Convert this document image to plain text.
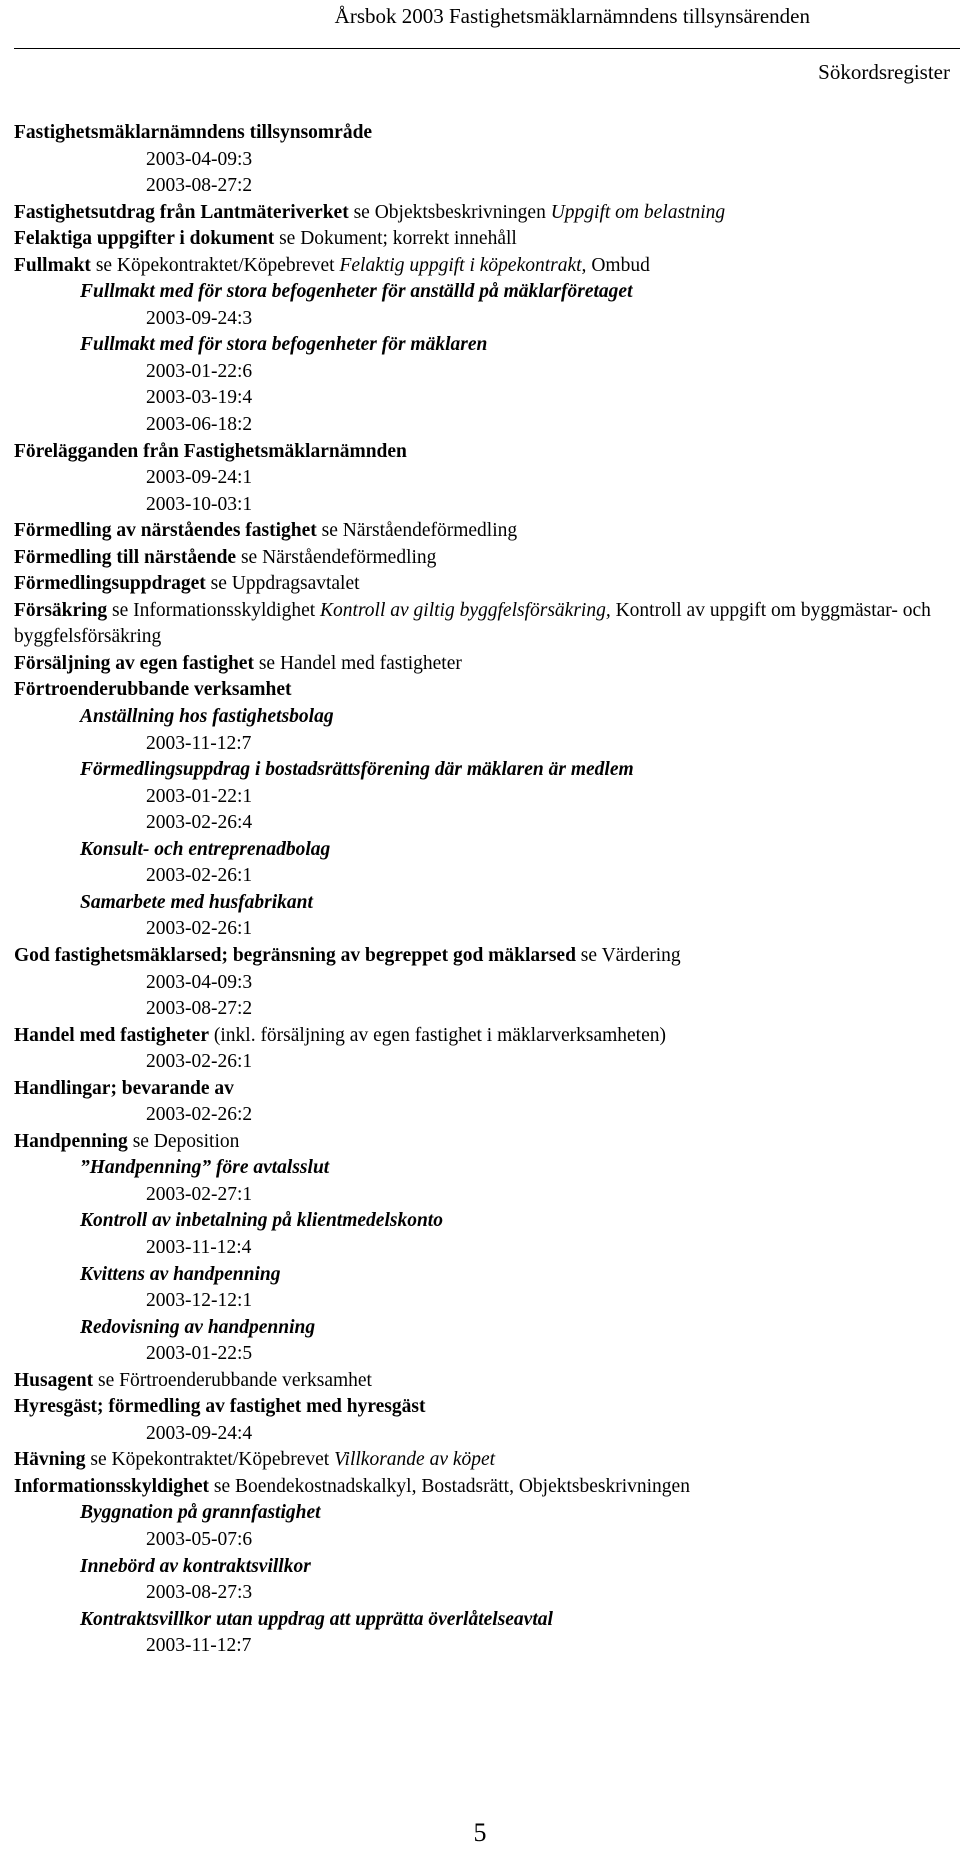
Årsbok 2003 Fastighetsmäklarnämndens tillsynsärenden
Sökordsregister
Fastighetsmäklarnämndens tillsynsområde
2003-04-09:3
2003-08-27:2
Fastighetsutdrag från Lantmäteriverket se Objektsbeskrivningen Uppgift om belastning
Felaktiga uppgifter i dokument se Dokument; korrekt innehåll
Fullmakt se Köpekontraktet/Köpebrevet Felaktig uppgift i köpekontrakt, Ombud
Fullmakt med för stora befogenheter för anställd på mäklarföretaget
2003-09-24:3
Fullmakt med för stora befogenheter för mäklaren
2003-01-22:6
2003-03-19:4
2003-06-18:2
Förelägganden från Fastighetsmäklarnämnden
2003-09-24:1
2003-10-03:1
Förmedling av närståendes fastighet se Närståendeförmedling
Förmedling till närstående se Närståendeförmedling
Förmedlingsuppdraget se Uppdragsavtalet
Försäkring se Informationsskyldighet Kontroll av giltig byggfelsförsäkring, Kontroll av uppgift om byggmästar- och byggfelsförsäkring
Försäljning av egen fastighet se Handel med fastigheter
Förtroenderubbande verksamhet
Anställning hos fastighetsbolag
2003-11-12:7
Förmedlingsuppdrag i bostadsrättsförening där mäklaren är medlem
2003-01-22:1
2003-02-26:4
Konsult- och entreprenadbolag
2003-02-26:1
Samarbete med husfabrikant
2003-02-26:1
God fastighetsmäklarsed; begränsning av begreppet god mäklarsed se Värdering
2003-04-09:3
2003-08-27:2
Handel med fastigheter (inkl. försäljning av egen fastighet i mäklarverksamheten)
2003-02-26:1
Handlingar; bevarande av
2003-02-26:2
Handpenning se Deposition
”Handpenning” före avtalsslut
2003-02-27:1
Kontroll av inbetalning på klientmedelskonto
2003-11-12:4
Kvittens av handpenning
2003-12-12:1
Redovisning av handpenning
2003-01-22:5
Husagent se Förtroenderubbande verksamhet
Hyresgäst; förmedling av fastighet med hyresgäst
2003-09-24:4
Hävning se Köpekontraktet/Köpebrevet Villkorande av köpet
Informationsskyldighet se Boendekostnadskalkyl, Bostadsrätt, Objektsbeskrivningen
Byggnation på grannfastighet
2003-05-07:6
Innebörd av kontraktsvillkor
2003-08-27:3
Kontraktsvillkor utan uppdrag att upprätta överlåtelseavtal
2003-11-12:7
5
